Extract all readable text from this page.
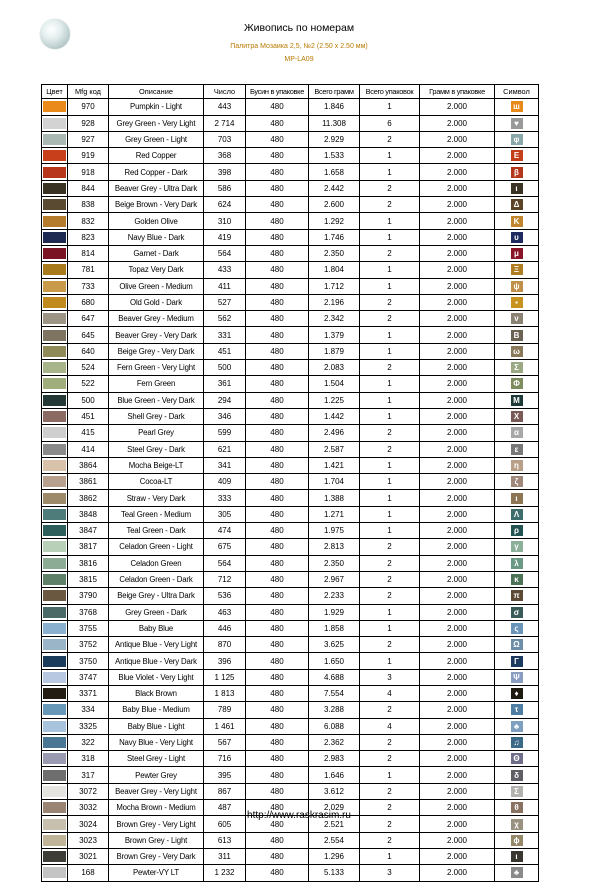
Живопись по номерам
Палитра Мозаика 2,5, №2 (2.50 x 2.50 мм)
MP-LA09
Цвет	Mfg код	Описание	Число	Бусин в упаковке	Всего грамм	Всего упаковок	Грамм в упаковке	Символ

	970	Pumpkin - Light	443	480	1.846	1	2.000	ш

	928	Grey Green - Very Light	2 714	480	11.308	6	2.000	♥

	927	Grey Green - Light	703	480	2.929	2	2.000	φ

	919	Red Copper	368	480	1.533	1	2.000	Ε

	918	Red Copper - Dark	398	480	1.658	1	2.000	β

	844	Beaver Grey - Ultra Dark	586	480	2.442	2	2.000	ι

	838	Beige Brown - Very Dark	624	480	2.600	2	2.000	Δ

	832	Golden Olive	310	480	1.292	1	2.000	Κ

	823	Navy Blue - Dark	419	480	1.746	1	2.000	υ

	814	Garnet - Dark	564	480	2.350	2	2.000	μ

	781	Topaz Very Dark	433	480	1.804	1	2.000	Ξ

	733	Olive Green - Medium	411	480	1.712	1	2.000	ψ

	680	Old Gold - Dark	527	480	2.196	2	2.000	▪

	647	Beaver Grey - Medium	562	480	2.342	2	2.000	ν

	645	Beaver Grey - Very Dark	331	480	1.379	1	2.000	Β

	640	Beige Grey - Very Dark	451	480	1.879	1	2.000	ω

	524	Fern Green - Very Light	500	480	2.083	2	2.000	Σ

	522	Fern Green	361	480	1.504	1	2.000	Φ

	500	Blue Green - Very Dark	294	480	1.225	1	2.000	Μ

	451	Shell Grey - Dark	346	480	1.442	1	2.000	Χ

	415	Pearl Grey	599	480	2.496	2	2.000	α

	414	Steel Grey - Dark	621	480	2.587	2	2.000	ε

	3864	Mocha Beige-LT	341	480	1.421	1	2.000	η

	3861	Cocoa-LT	409	480	1.704	1	2.000	ζ

	3862	Straw - Very Dark	333	480	1.388	1	2.000	ι

	3848	Teal Green - Medium	305	480	1.271	1	2.000	Λ

	3847	Teal Green - Dark	474	480	1.975	1	2.000	ρ

	3817	Celadon Green - Light	675	480	2.813	2	2.000	γ

	3816	Celadon Green	564	480	2.350	2	2.000	λ

	3815	Celadon Green - Dark	712	480	2.967	2	2.000	κ

	3790	Beige Grey - Ultra Dark	536	480	2.233	2	2.000	π

	3768	Grey Green - Dark	463	480	1.929	1	2.000	σ

	3755	Baby Blue	446	480	1.858	1	2.000	ς

	3752	Antique Blue - Very Light	870	480	3.625	2	2.000	Ω

	3750	Antique Blue - Very Dark	396	480	1.650	1	2.000	Γ

	3747	Blue Violet - Very Light	1 125	480	4.688	3	2.000	Ψ

	3371	Black Brown	1 813	480	7.554	4	2.000	♦

	334	Baby Blue - Medium	789	480	3.288	2	2.000	τ

	3325	Baby Blue - Light	1 461	480	6.088	4	2.000	♣

	322	Navy Blue - Very Light	567	480	2.362	2	2.000	♫

	318	Steel Grey - Light	716	480	2.983	2	2.000	Θ

	317	Pewter Grey	395	480	1.646	1	2.000	δ

	3072	Beaver Grey - Very Light	867	480	3.612	2	2.000	Σ

	3032	Mocha Brown - Medium	487	480	2.029	2	2.000	θ

	3024	Brown Grey - Very Light	605	480	2.521	2	2.000	χ

	3023	Brown Grey - Light	613	480	2.554	2	2.000	ϕ

	3021	Brown Grey - Very Dark	311	480	1.296	1	2.000	ι

	168	Pewter-VY LT	1 232	480	5.133	3	2.000	♣
http://www.raskrasim.ru
